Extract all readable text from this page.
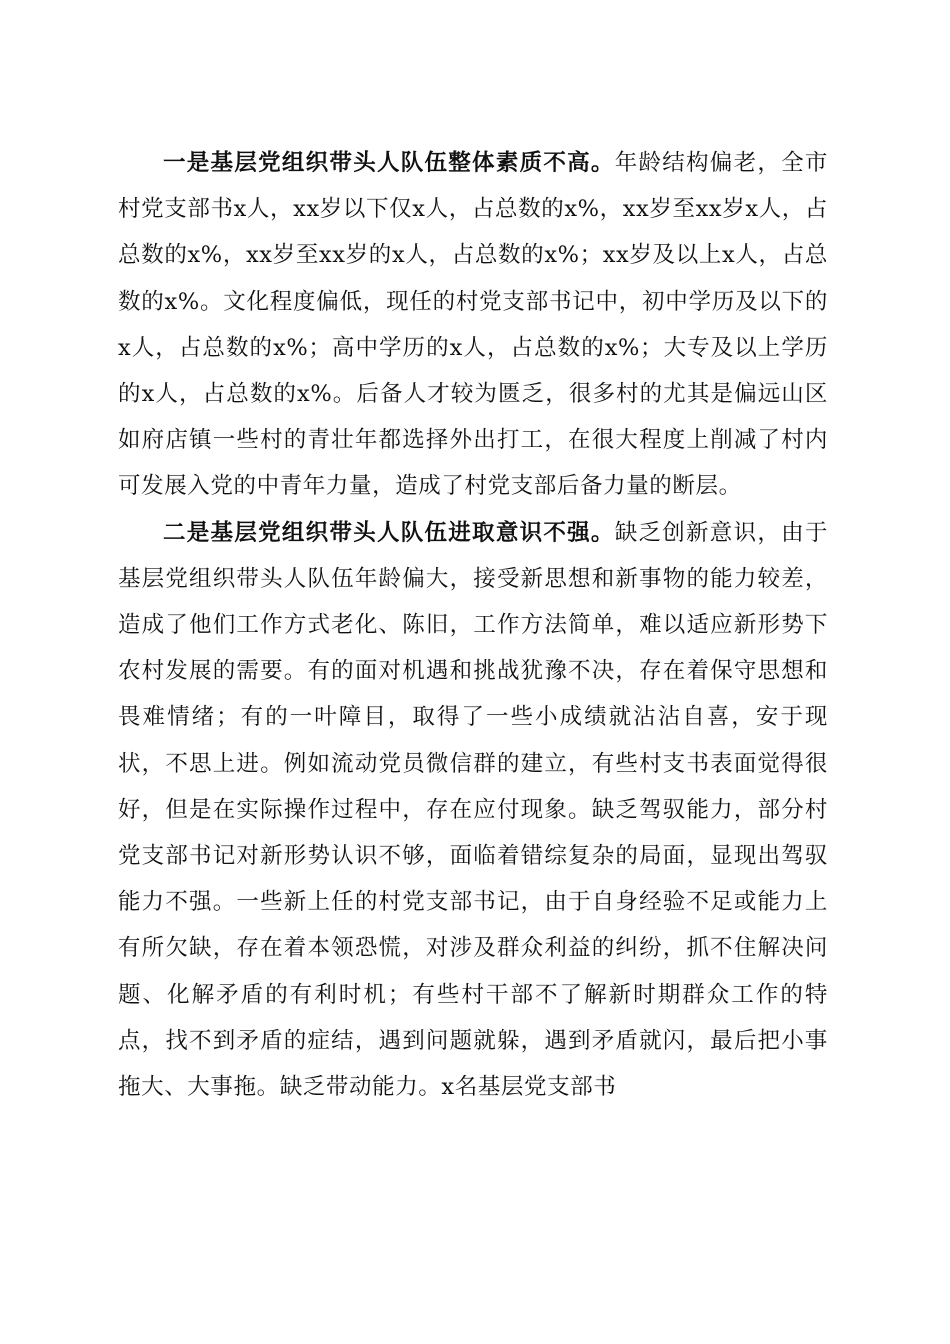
一是基层党组织带头人队伍整体素质不高。年龄结构偏老，全市村党支部书x人，xx岁以下仅x人，占总数的x%，xx岁至xx岁x人，占总数的x%，xx岁至xx岁的x人，占总数的x%；xx岁及以上x人，占总数的x%。文化程度偏低，现任的村党支部书记中，初中学历及以下的x人，占总数的x%；高中学历的x人，占总数的x%；大专及以上学历的x人，占总数的x%。后备人才较为匮乏，很多村的尤其是偏远山区如府店镇一些村的青壮年都选择外出打工，在很大程度上削减了村内可发展入党的中青年力量，造成了村党支部后备力量的断层。

二是基层党组织带头人队伍进取意识不强。缺乏创新意识，由于基层党组织带头人队伍年龄偏大，接受新思想和新事物的能力较差，造成了他们工作方式老化、陈旧，工作方法简单，难以适应新形势下农村发展的需要。有的面对机遇和挑战犹豫不决，存在着保守思想和畏难情绪；有的一叶障目，取得了一些小成绩就沾沾自喜，安于现状，不思上进。例如流动党员微信群的建立，有些村支书表面觉得很好，但是在实际操作过程中，存在应付现象。缺乏驾驭能力，部分村党支部书记对新形势认识不够，面临着错综复杂的局面，显现出驾驭能力不强。一些新上任的村党支部书记，由于自身经验不足或能力上有所欠缺，存在着本领恐慌，对涉及群众利益的纠纷，抓不住解决问题、化解矛盾的有利时机；有些村干部不了解新时期群众工作的特点，找不到矛盾的症结，遇到问题就躲，遇到矛盾就闪，最后把小事拖大、大事拖。缺乏带动能力。x名基层党支部书
